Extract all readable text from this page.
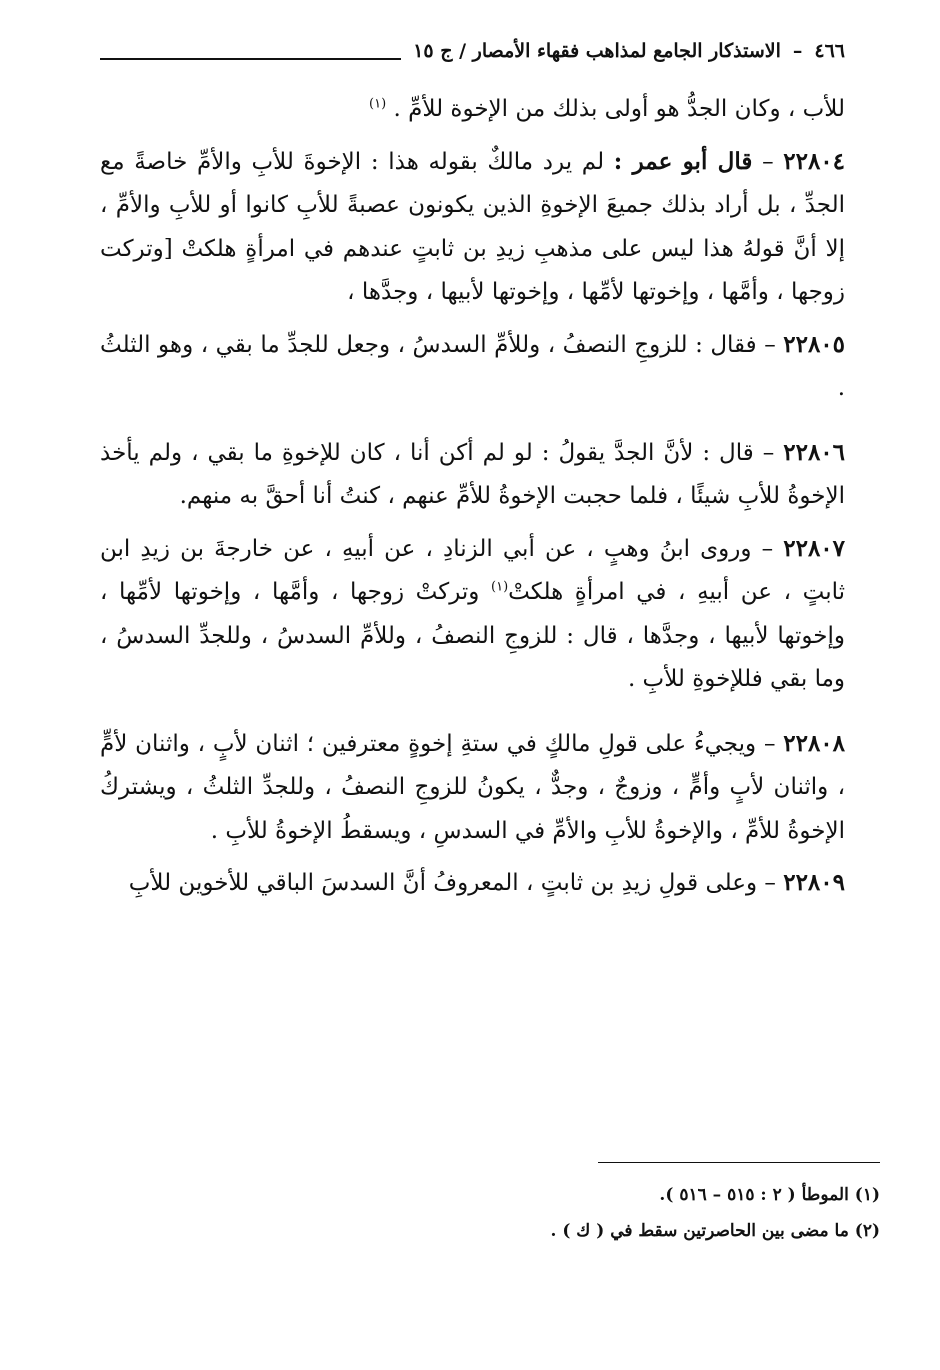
٤٦٦
–
الاستذكار الجامع لمذاهب فقهاء الأمصار / ج ١٥

للأب ، وكان الجدُّ هو أولى بذلك من الإخوة للأمِّ . $^{(١)}$

٢٢٨٠٤ – قال أبو عمر : لم يرد مالكٌ بقوله هذا : الإخوةَ للأبِ والأمِّ خاصةً مع الجدِّ ، بل أراد بذلك جميعَ الإخوةِ الذين يكونون عصبةً للأبِ كانوا أو للأبِ والأمِّ ، إلا أنَّ قولهُ هذا ليس على مذهبِ زيدِ بن ثابتٍ عندهم في امرأةٍ هلكتْ [وتركت زوجها ، وأمَّها ، وإخوتها لأمِّها ، وإخوتها لأبيها ، وجدَّها ،

٢٢٨٠٥ – فقال : للزوجِ النصفُ ، وللأمِّ السدسُ ، وجعل للجدِّ ما بقي ، وهو الثلثُ .

٢٢٨٠٦ – قال : لأنَّ الجدَّ يقولُ : لو لم أكن أنا ، كان للإخوةِ ما بقي ، ولم يأخذ الإخوةُ للأبِ شيئًا ، فلما حجبت الإخوةُ للأمِّ عنهم ، كنتُ أنا أحقَّ به منهم.

٢٢٨٠٧ – وروى ابنُ وهبٍ ، عن أبي الزنادِ ، عن أبيهِ ، عن خارجةَ بن زيدِ ابن ثابتٍ ، عن أبيهِ ، في امرأةٍ هلكتْ$^{(١)}$ وتركتْ زوجها ، وأمَّها ، وإخوتها لأمِّها ، وإخوتها لأبيها ، وجدَّها ، قال : للزوجِ النصفُ ، وللأمِّ السدسُ ، وللجدِّ السدسُ ، وما بقي فللإخوةِ للأبِ .

٢٢٨٠٨ – ويجيءُ على قولِ مالكٍ في ستةِ إخوةٍ معترفين ؛ اثنان لأبٍ ، واثنان لأمٍّ ، واثنان لأبٍ وأمٍّ ، وزوجٌ ، وجدٌّ ، يكونُ للزوجِ النصفُ ، وللجدِّ الثلثُ ، ويشتركُ الإخوةُ للأمِّ ، والإخوةُ للأبِ والأمِّ في السدسِ ، ويسقطُ الإخوةُ للأبِ .

٢٢٨٠٩ – وعلى قولِ زيدِ بن ثابتٍ ، المعروفُ أنَّ السدسَ الباقي للأخوين للأبِ

(١) الموطأ ( ٢ : ٥١٥ – ٥١٦ ).

(٢) ما مضى بين الحاصرتين سقط في ( ك ) .
